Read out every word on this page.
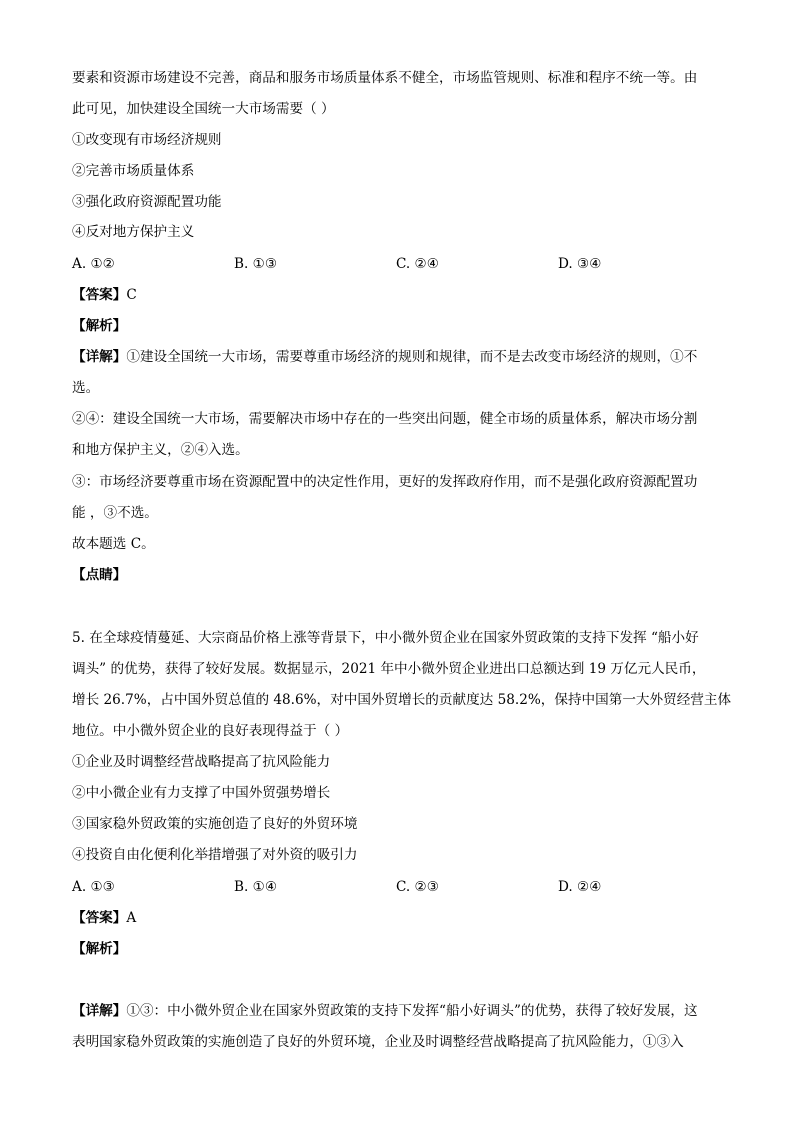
要素和资源市场建设不完善，商品和服务市场质量体系不健全，市场监管规则、标准和程序不统一等。由
此可见，加快建设全国统一大市场需要（ ）
①改变现有市场经济规则
②完善市场质量体系
③强化政府资源配置功能
④反对地方保护主义
A. ①②	B. ①③	C. ②④	D. ③④
【答案】C
【解析】
【详解】①建设全国统一大市场，需要尊重市场经济的规则和规律，而不是去改变市场经济的规则，①不
选。
②④：建设全国统一大市场，需要解决市场中存在的一些突出问题，健全市场的质量体系，解决市场分割
和地方保护主义，②④入选。
③：市场经济要尊重市场在资源配置中的决定性作用，更好的发挥政府作用，而不是强化政府资源配置功
能 ，③不选。
故本题选 C。
【点睛】
5. 在全球疫情蔓延、大宗商品价格上涨等背景下，中小微外贸企业在国家外贸政策的支持下发挥 “船小好
调头” 的优势，获得了较好发展。数据显示，2021 年中小微外贸企业进出口总额达到 19 万亿元人民币，
增长 26.7%，占中国外贸总值的 48.6%，对中国外贸增长的贡献度达 58.2%，保持中国第一大外贸经营主体
地位。中小微外贸企业的良好表现得益于（ ）
①企业及时调整经营战略提高了抗风险能力
②中小微企业有力支撑了中国外贸强势增长
③国家稳外贸政策的实施创造了良好的外贸环境
④投资自由化便利化举措增强了对外资的吸引力
A. ①③	B. ①④	C. ②③	D. ②④
【答案】A
【解析】
【详解】①③：中小微外贸企业在国家外贸政策的支持下发挥“船小好调头”的优势，获得了较好发展，这
表明国家稳外贸政策的实施创造了良好的外贸环境，企业及时调整经营战略提高了抗风险能力，①③入
